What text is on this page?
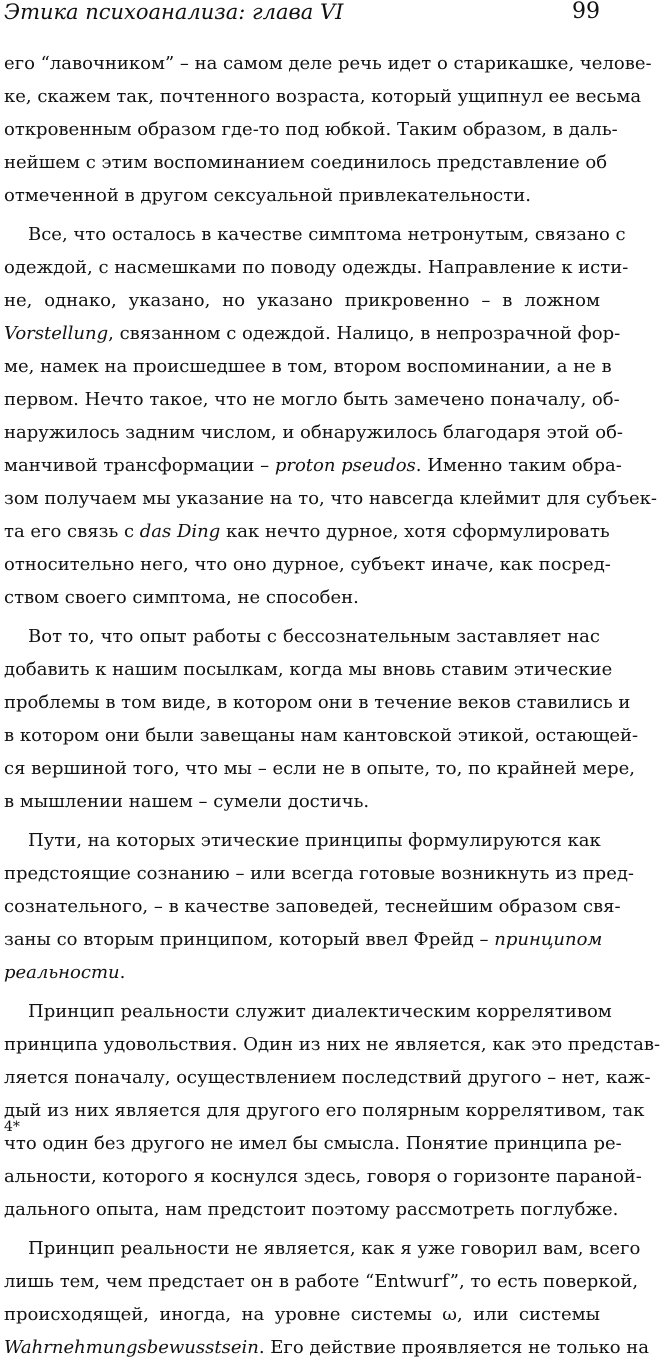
Этика психоанализа: глава VI	99
его “лавочником” – на самом деле речь идет о старикашке, челове-
ке, скажем так, почтенного возраста, который ущипнул ее весьма
откровенным образом где-то под юбкой. Таким образом, в даль-
нейшем с этим воспоминанием соединилось представление об
отмеченной в другом сексуальной привлекательности.
Все, что осталось в качестве симптома нетронутым, связано с
одеждой, с насмешками по поводу одежды. Направление к исти-
не, однако, указано, но указано прикровенно – в ложном
Vorstellung, связанном с одеждой. Налицо, в непрозрачной фор-
ме, намек на происшедшее в том, втором воспоминании, а не в
первом. Нечто такое, что не могло быть замечено поначалу, об-
наружилось задним числом, и обнаружилось благодаря этой об-
манчивой трансформации – proton pseudos. Именно таким обра-
зом получаем мы указание на то, что навсегда клеймит для субъек-
та его связь с das Ding как нечто дурное, хотя сформулировать
относительно него, что оно дурное, субъект иначе, как посред-
ством своего симптома, не способен.
Вот то, что опыт работы с бессознательным заставляет нас
добавить к нашим посылкам, когда мы вновь ставим этические
проблемы в том виде, в котором они в течение веков ставились и
в котором они были завещаны нам кантовской этикой, остающей-
ся вершиной того, что мы – если не в опыте, то, по крайней мере,
в мышлении нашем – сумели достичь.
Пути, на которых этические принципы формулируются как
предстоящие сознанию – или всегда готовые возникнуть из пред-
сознательного, – в качестве заповедей, теснейшим образом свя-
заны со вторым принципом, который ввел Фрейд – принципом
реальности.
Принцип реальности служит диалектическим коррелятивом
принципа удовольствия. Один из них не является, как это представ-
ляется поначалу, осуществлением последствий другого – нет, каж-
дый из них является для другого его полярным коррелятивом, так
что один без другого не имел бы смысла. Понятие принципа ре-
альности, которого я коснулся здесь, говоря о горизонте параной-
дального опыта, нам предстоит поэтому рассмотреть поглубже.
Принцип реальности не является, как я уже говорил вам, всего
лишь тем, чем предстает он в работе “Entwurf”, то есть поверкой,
происходящей, иногда, на уровне системы ω, или системы
Wahrnehmungsbewusstsein. Его действие проявляется не только на
4*
